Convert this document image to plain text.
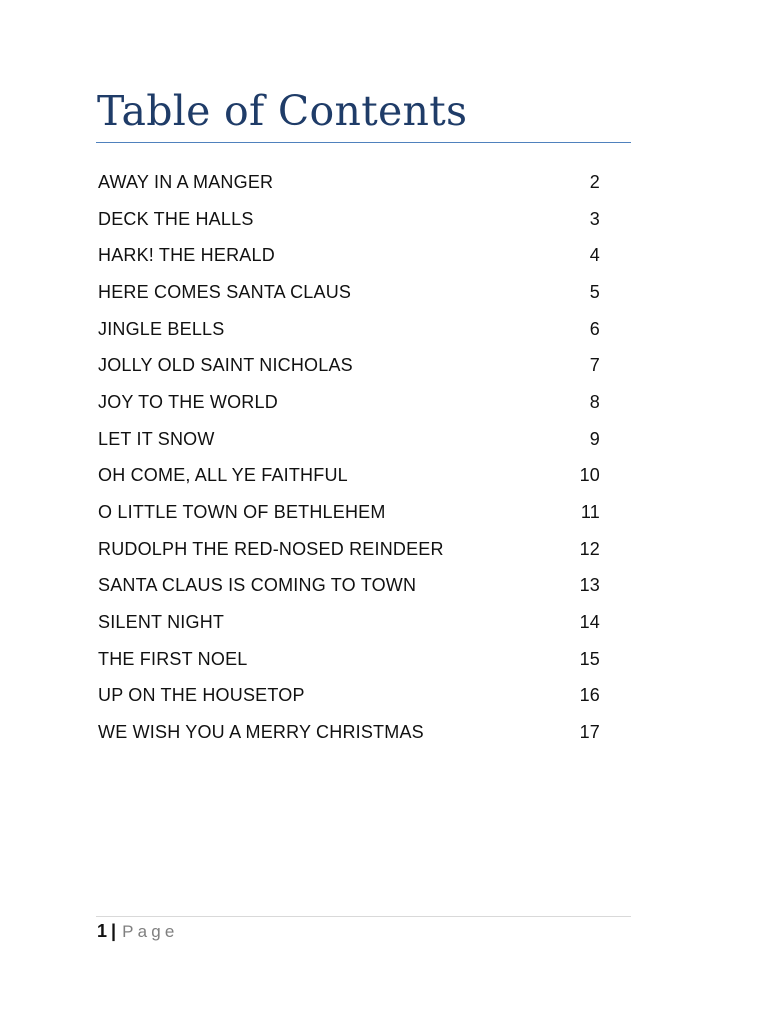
Table of Contents
AWAY IN A MANGER	2
DECK THE HALLS	3
HARK! THE HERALD	4
HERE COMES SANTA CLAUS	5
JINGLE BELLS	6
JOLLY OLD SAINT NICHOLAS	7
JOY TO THE WORLD	8
LET IT SNOW	9
OH COME, ALL YE FAITHFUL	10
O LITTLE TOWN OF BETHLEHEM	11
RUDOLPH THE RED-NOSED REINDEER	12
SANTA CLAUS IS COMING TO TOWN	13
SILENT NIGHT	14
THE FIRST NOEL	15
UP ON THE HOUSETOP	16
WE WISH YOU A MERRY CHRISTMAS	17
1 | Page
